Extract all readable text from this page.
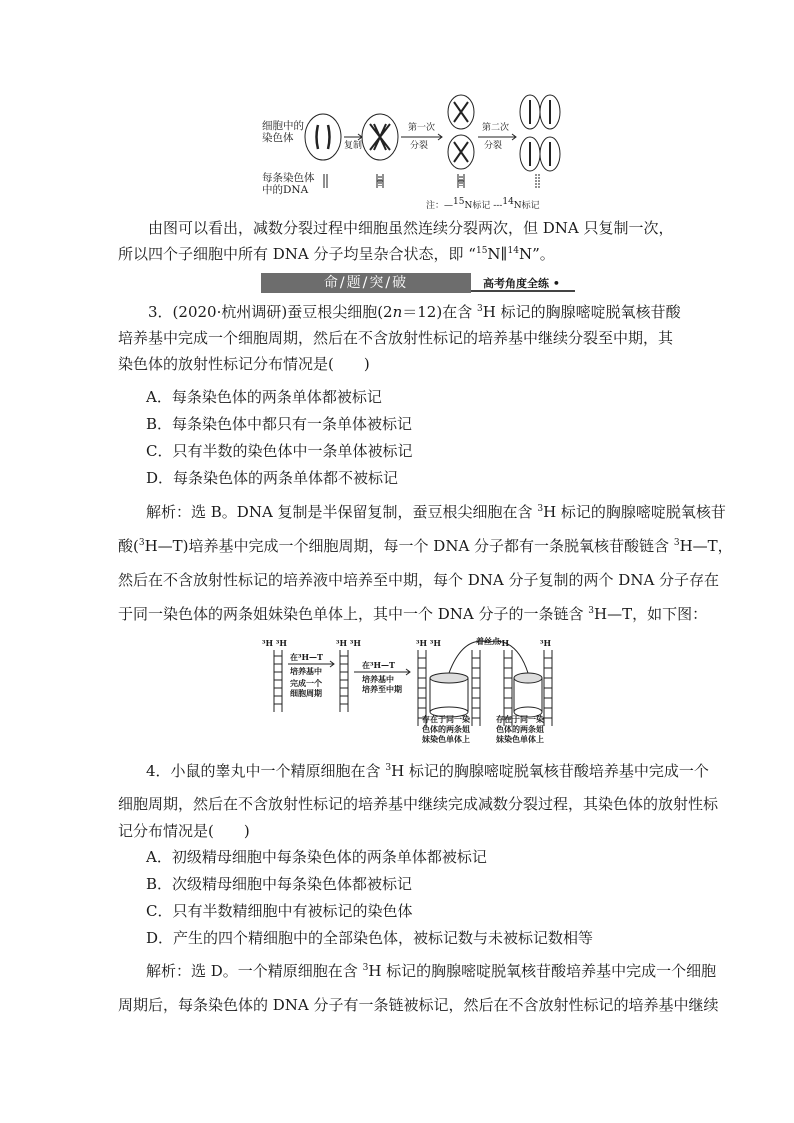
细胞中的
染色体
复制
第一次
分裂
第二次
分裂
每条染色体
中的DNA
注：—$^{15}$N标记 ---$^{14}$N标记
由图可以看出，减数分裂过程中细胞虽然连续分裂两次，但 DNA 只复制一次，所以四个子细胞中所有 DNA 分子均呈杂合状态，即 “$^{15}$N∥$^{14}$N”。
命/题/突/破	高考角度全练 •
3．(2020·杭州调研)蚕豆根尖细胞(2n＝12)在含 $^3$H 标记的胸腺嘧啶脱氧核苷酸培养基中完成一个细胞周期，然后在不含放射性标记的培养基中继续分裂至中期，其染色体的放射性标记分布情况是(　　)
A．每条染色体的两条单体都被标记
B．每条染色体中都只有一条单体被标记
C．只有半数的染色体中一条单体被标记
D．每条染色体的两条单体都不被标记
解析：选 B。DNA 复制是半保留复制，蚕豆根尖细胞在含 $^3$H 标记的胸腺嘧啶脱氧核苷
酸($^3$H—T)培养基中完成一个细胞周期，每一个 DNA 分子都有一条脱氧核苷酸链含 $^3$H—T，
然后在不含放射性标记的培养液中培养至中期，每个 DNA 分子复制的两个 DNA 分子存在
于同一染色体的两条姐妹染色单体上，其中一个 DNA 分子的一条链含 $^3$H—T，如下图：
³H ³H
在³H—T
培养基中
完成一个
细胞周期
³H ³H
在³H—T
培养基中
培养至中期
³H ³H	着丝点
³H	³H
存在于同一染
色体的两条姐
妹染色单体上
存在于同一染
色体的两条姐
妹染色单体上
4．小鼠的睾丸中一个精原细胞在含 $^3$H 标记的胸腺嘧啶脱氧核苷酸培养基中完成一个
细胞周期，然后在不含放射性标记的培养基中继续完成减数分裂过程，其染色体的放射性标
记分布情况是(　　)
A．初级精母细胞中每条染色体的两条单体都被标记
B．次级精母细胞中每条染色体都被标记
C．只有半数精细胞中有被标记的染色体
D．产生的四个精细胞中的全部染色体，被标记数与未被标记数相等
解析：选 D。一个精原细胞在含 $^3$H 标记的胸腺嘧啶脱氧核苷酸培养基中完成一个细胞
周期后，每条染色体的 DNA 分子有一条链被标记，然后在不含放射性标记的培养基中继续
